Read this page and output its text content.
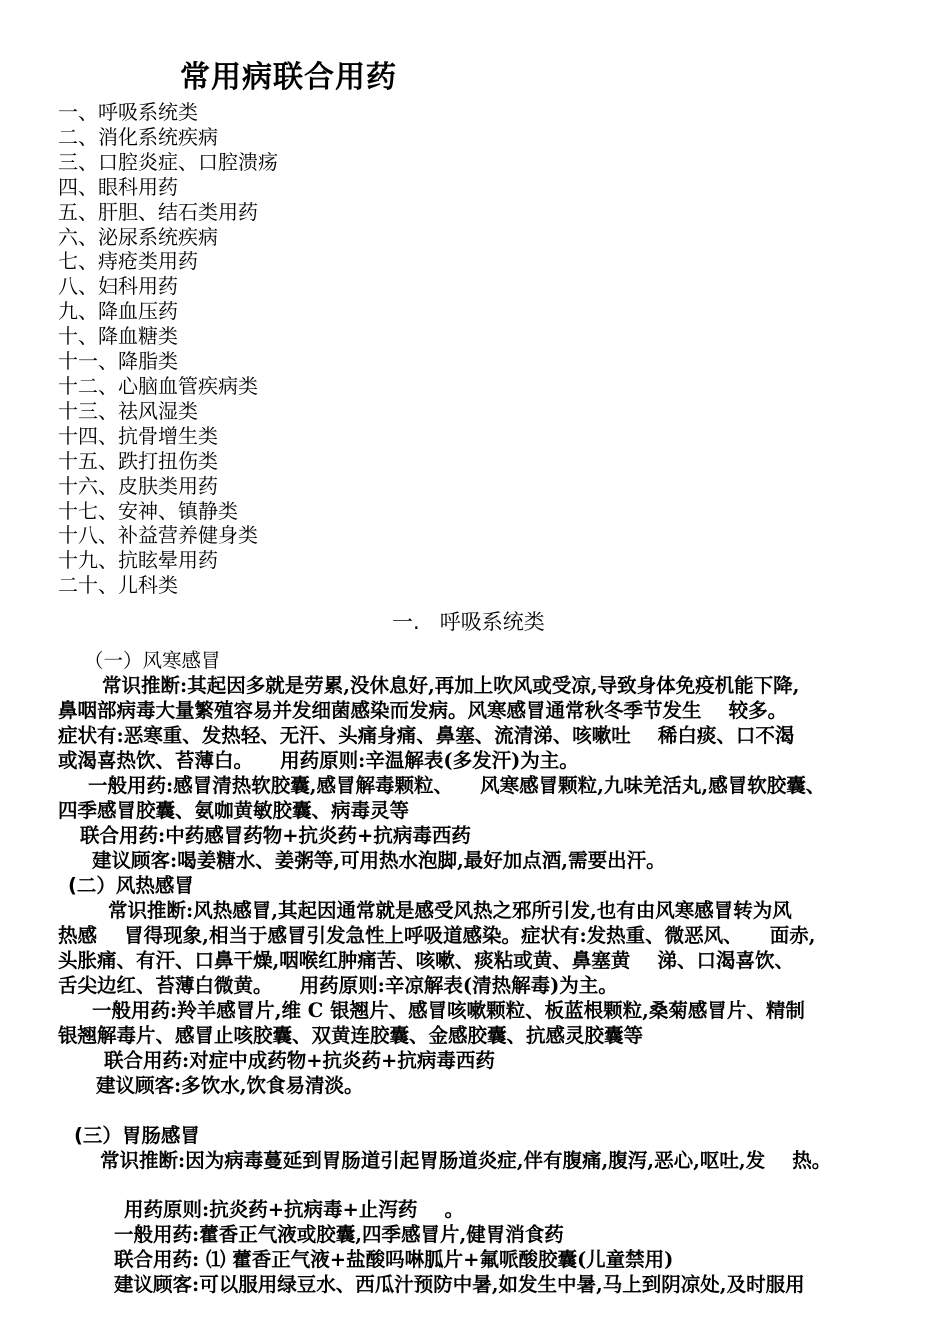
常用病联合用药
一、呼吸系统类
二、消化系统疾病
三、口腔炎症、口腔溃疡
四、眼科用药
五、肝胆、结石类用药
六、泌尿系统疾病
七、痔疮类用药
八、妇科用药
九、降血压药
十、降血糖类
十一、降脂类
十二、心脑血管疾病类
十三、祛风湿类
十四、抗骨增生类
十五、跌打扭伤类
十六、皮肤类用药
十七、安神、镇静类
十八、补益营养健身类
十九、抗眩晕用药
二十、儿科类
一.   呼吸系统类
（一）风寒感冒
常识推断:其起因多就是劳累,没休息好,再加上吹风或受凉,导致身体免疫机能下降,
鼻咽部病毒大量繁殖容易并发细菌感染而发病。风寒感冒通常秋冬季节发生    较多。
症状有:恶寒重、发热轻、无汗、头痛身痛、鼻塞、流清涕、咳嗽吐    稀白痰、口不渴
或渴喜热饮、苔薄白。    用药原则:辛温解表(多发汗)为主。
一般用药:感冒清热软胶囊,感冒解毒颗粒、    风寒感冒颗粒,九味羌活丸,感冒软胶囊、
四季感冒胶囊、氨咖黄敏胶囊、病毒灵等
联合用药:中药感冒药物+抗炎药+抗病毒西药
建议顾客:喝姜糖水、姜粥等,可用热水泡脚,最好加点酒,需要出汗。
(二）风热感冒
常识推断:风热感冒,其起因通常就是感受风热之邪所引发,也有由风寒感冒转为风
热感    冒得现象,相当于感冒引发急性上呼吸道感染。症状有:发热重、微恶风、    面赤,
头胀痛、有汗、口鼻干燥,咽喉红肿痛苦、咳嗽、痰粘或黄、鼻塞黄    涕、口渴喜饮、
舌尖边红、苔薄白微黄。    用药原则:辛凉解表(清热解毒)为主。
一般用药:羚羊感冒片,维 C 银翘片、感冒咳嗽颗粒、板蓝根颗粒,桑菊感冒片、精制
银翘解毒片、感冒止咳胶囊、双黄连胶囊、金感胶囊、抗感灵胶囊等
联合用药:对症中成药物+抗炎药+抗病毒西药
建议顾客:多饮水,饮食易清淡。
(三）胃肠感冒
常识推断:因为病毒蔓延到胃肠道引起胃肠道炎症,伴有腹痛,腹泻,恶心,呕吐,发    热。
用药原则:抗炎药+抗病毒+止泻药    。
一般用药:藿香正气液或胶囊,四季感冒片,健胃消食药
联合用药: ⑴ 藿香正气液+盐酸吗啉胍片+氟哌酸胶囊(儿童禁用)
建议顾客:可以服用绿豆水、西瓜汁预防中暑,如发生中暑,马上到阴凉处,及时服用
